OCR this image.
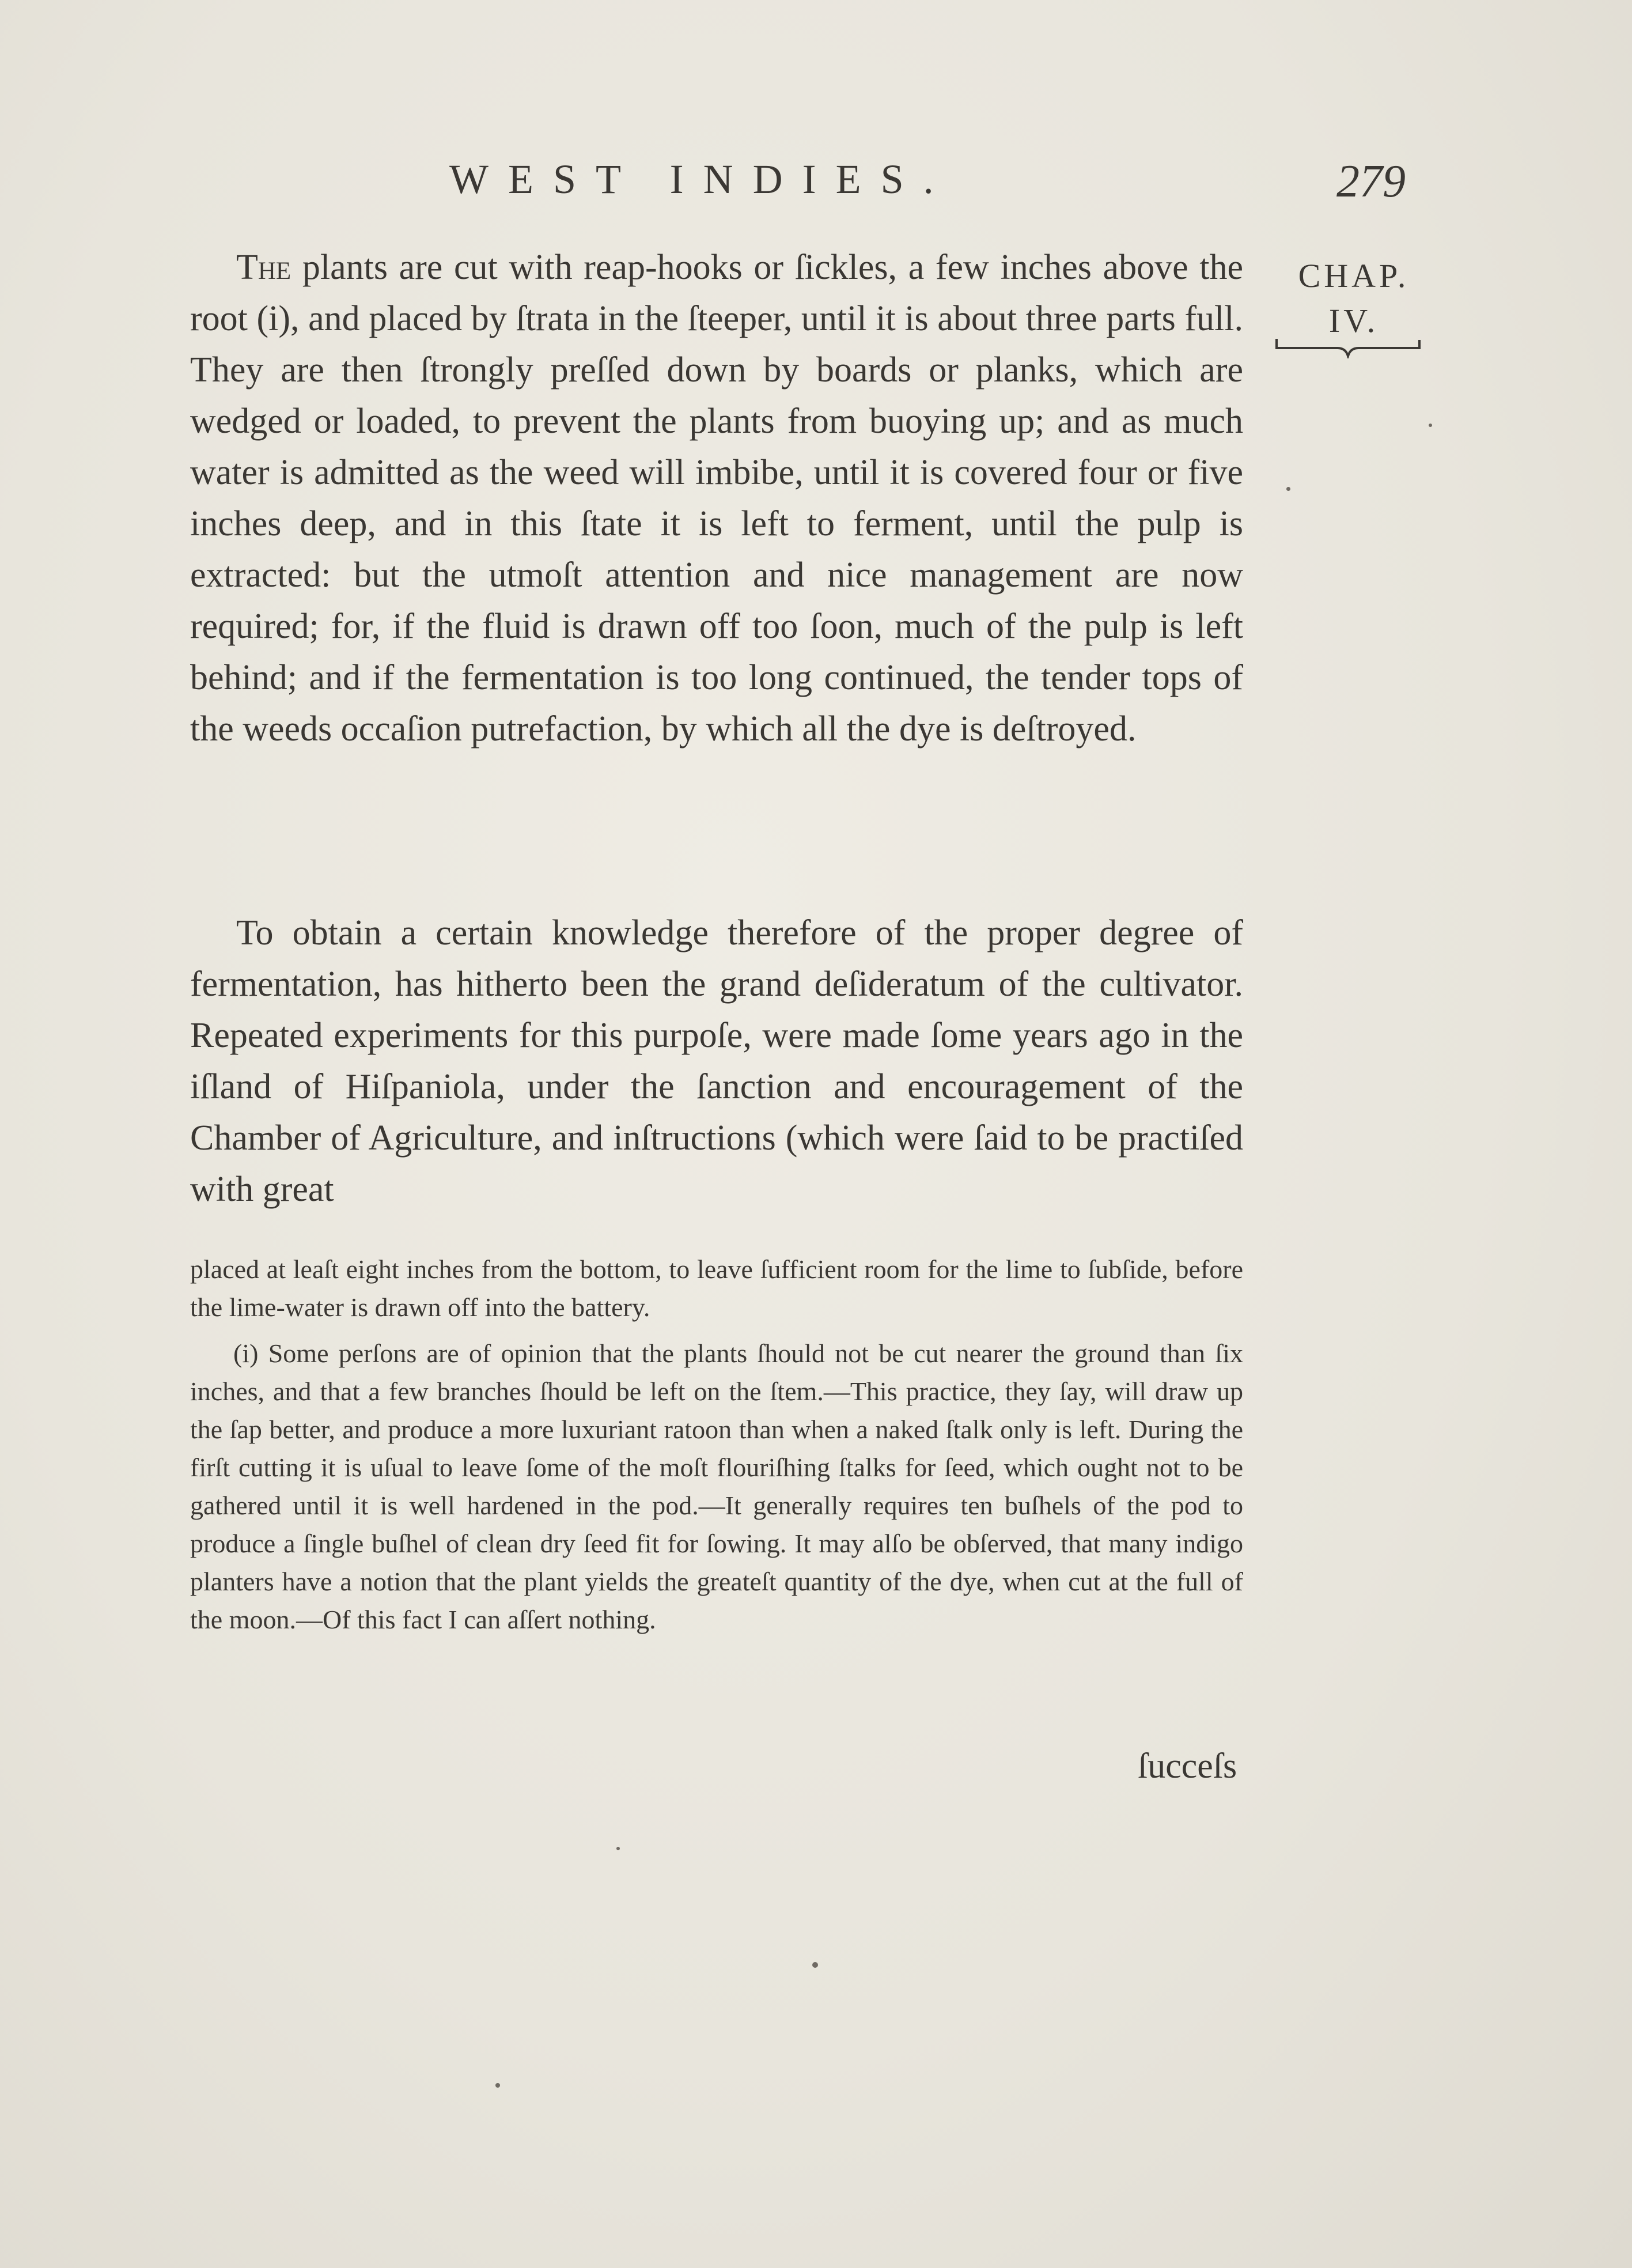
WEST INDIES.	279
CHAP.
IV.

The plants are cut with reap-hooks or ſickles, a few inches above the root (i), and placed by ſtrata in the ſteeper, until it is about three parts full. They are then ſtrongly preſſed down by boards or planks, which are wedged or loaded, to prevent the plants from buoying up; and as much water is admitted as the weed will imbibe, until it is covered four or five inches deep, and in this ſtate it is left to ferment, until the pulp is extracted: but the utmoſt attention and nice management are now required; for, if the fluid is drawn off too ſoon, much of the pulp is left behind; and if the fermentation is too long continued, the tender tops of the weeds occaſion putrefaction, by which all the dye is deſtroyed.

To obtain a certain knowledge therefore of the proper degree of fermentation, has hitherto been the grand deſideratum of the cultivator. Repeated experiments for this purpoſe, were made ſome years ago in the iſland of Hiſpaniola, under the ſanction and encouragement of the Chamber of Agriculture, and inſtructions (which were ſaid to be practiſed with great

placed at leaſt eight inches from the bottom, to leave ſufficient room for the lime to ſubſide, before the lime-water is drawn off into the battery.

(i) Some perſons are of opinion that the plants ſhould not be cut nearer the ground than ſix inches, and that a few branches ſhould be left on the ſtem.—This practice, they ſay, will draw up the ſap better, and produce a more luxuriant ratoon than when a naked ſtalk only is left. During the firſt cutting it is uſual to leave ſome of the moſt flouriſhing ſtalks for ſeed, which ought not to be gathered until it is well hardened in the pod.—It generally requires ten buſhels of the pod to produce a ſingle buſhel of clean dry ſeed fit for ſowing. It may alſo be obſerved, that many indigo planters have a notion that the plant yields the greateſt quantity of the dye, when cut at the full of the moon.—Of this fact I can aſſert nothing.

ſucceſs
